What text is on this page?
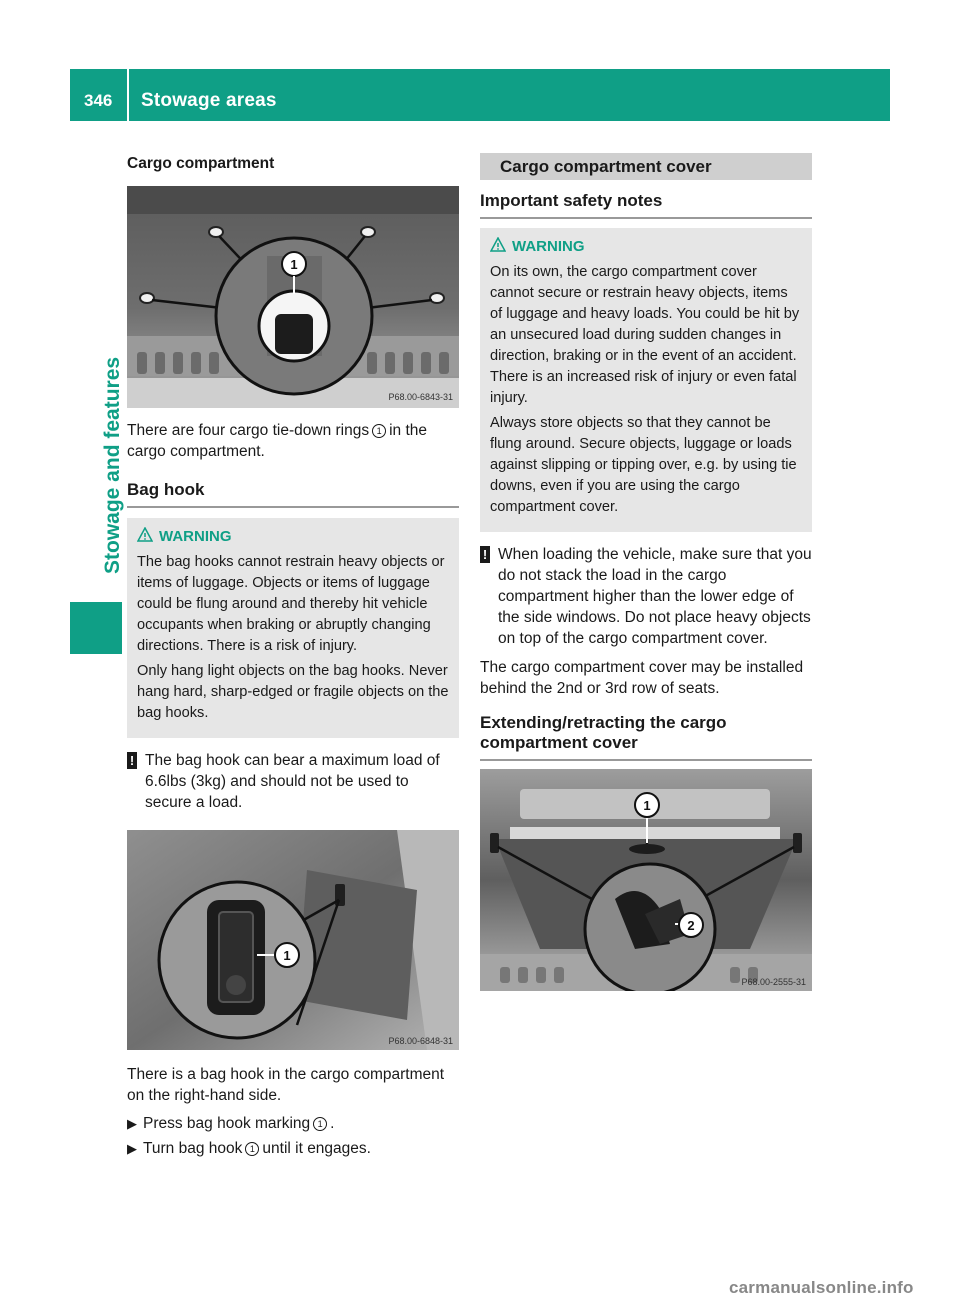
346 Stowage areas
Stowage and features
Cargo compartment
1
P68.00-6843-31
There are four cargo tie-down rings 1 in the cargo compartment.
Bag hook
WARNING

The bag hooks cannot restrain heavy objects or items of luggage. Objects or items of luggage could be flung around and thereby hit vehicle occupants when braking or abruptly changing directions. There is a risk of injury.

Only hang light objects on the bag hooks. Never hang hard, sharp-edged or fragile objects on the bag hooks.

! The bag hook can bear a maximum load of 6.6lbs (3kg) and should not be used to secure a load.
1
P68.00-6848-31
There is a bag hook in the cargo compartment on the right-hand side.
▶ Press bag hook marking 1 .
▶ Turn bag hook 1 until it engages.
Cargo compartment cover
Important safety notes
WARNING

On its own, the cargo compartment cover cannot secure or restrain heavy objects, items of luggage and heavy loads. You could be hit by an unsecured load during sudden changes in direction, braking or in the event of an accident. There is an increased risk of injury or even fatal injury.

Always store objects so that they cannot be flung around. Secure objects, luggage or loads against slipping or tipping over, e.g. by using tie downs, even if you are using the cargo compartment cover.

! When loading the vehicle, make sure that you do not stack the load in the cargo compartment higher than the lower edge of the side windows. Do not place heavy objects on top of the cargo compartment cover.
The cargo compartment cover may be installed behind the 2nd or 3rd row of seats.
Extending/retracting the cargo compartment cover
1
2
P68.00-2555-31
carmanualsonline.info
